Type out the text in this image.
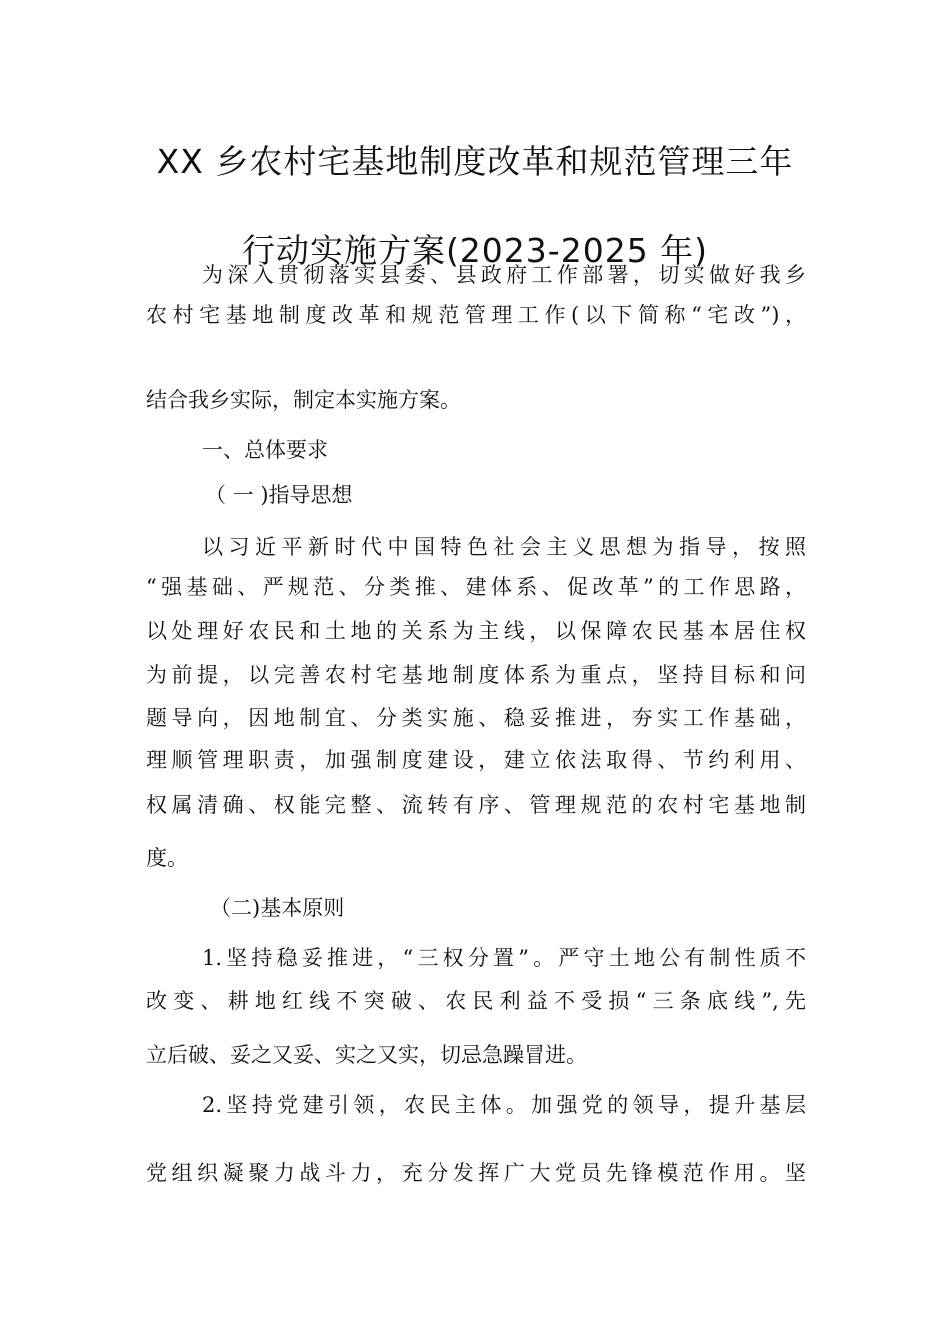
XX 乡农村宅基地制度改革和规范管理三年
行动实施方案(2023-2025 年)
为深入贯彻落实县委、县政府工作部署，切实做好我乡
农村宅基地制度改革和规范管理工作(以下简称“宅改”)，
结合我乡实际，制定本实施方案。
一、总体要求
（ 一 )指导思想
以习近平新时代中国特色社会主义思想为指导，按照
“强基础、严规范、分类推、建体系、促改革”的工作思路，
以处理好农民和土地的关系为主线，以保障农民基本居住权
为前提，以完善农村宅基地制度体系为重点，坚持目标和问
题导向，因地制宜、分类实施、稳妥推进，夯实工作基础，
理顺管理职责，加强制度建设，建立依法取得、节约利用、
权属清确、权能完整、流转有序、管理规范的农村宅基地制
度。
（二)基本原则
1.坚持稳妥推进，“三权分置”。严守土地公有制性质不
改变、耕地红线不突破、农民利益不受损“三条底线”,先
立后破、妥之又妥、实之又实，切忌急躁冒进。
2.坚持党建引领，农民主体。加强党的领导，提升基层
党组织凝聚力战斗力，充分发挥广大党员先锋模范作用。坚
